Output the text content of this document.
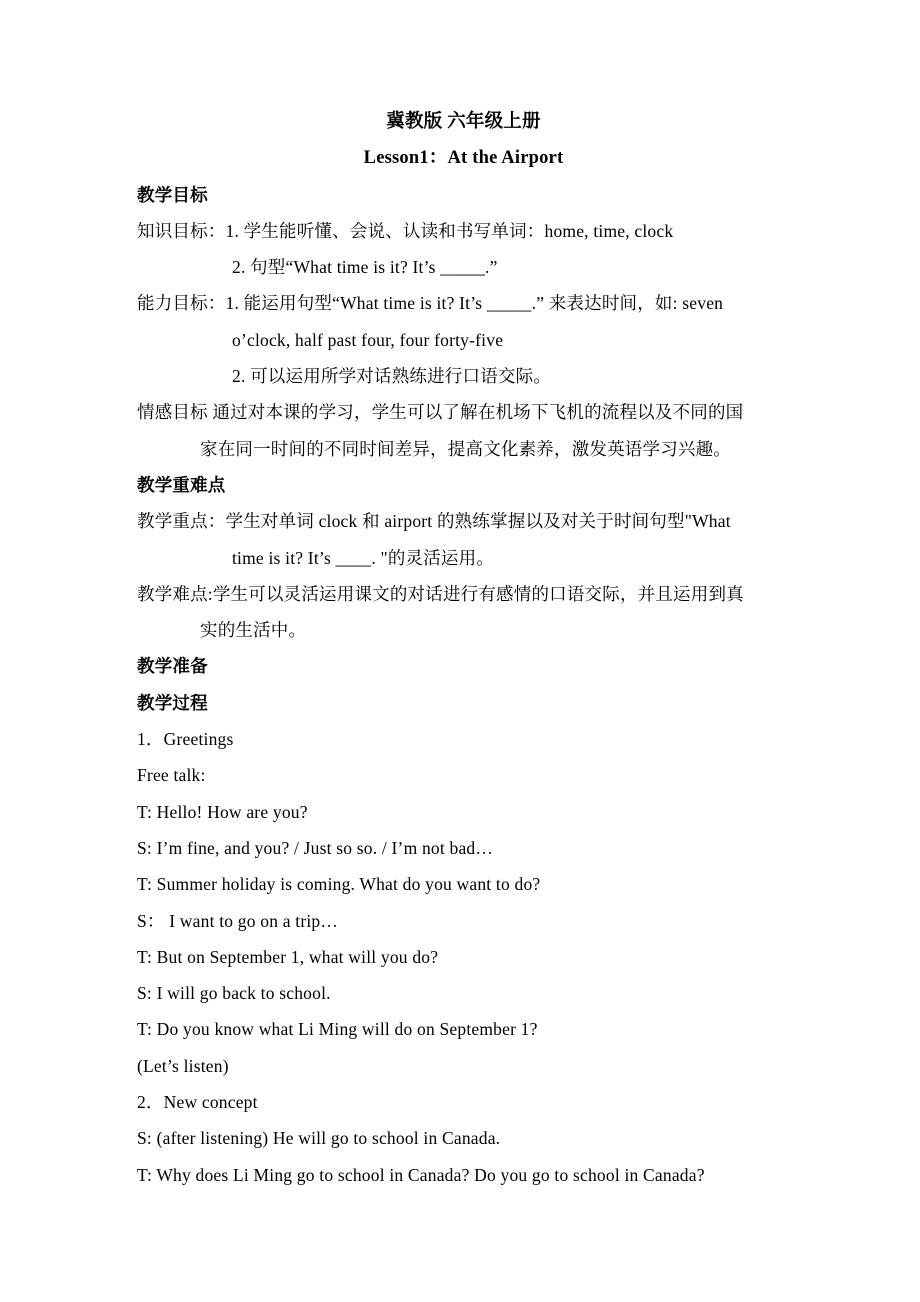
冀教版 六年级上册
Lesson1：At the Airport
教学目标
知识目标：1. 学生能听懂、会说、认读和书写单词：home, time, clock
2. 句型“What time is it? It’s _____.”
能力目标：1. 能运用句型“What time is it? It’s _____.” 来表达时间，如: seven
o’clock, half past four, four forty-five
2. 可以运用所学对话熟练进行口语交际。
情感目标 通过对本课的学习，学生可以了解在机场下飞机的流程以及不同的国
家在同一时间的不同时间差异，提高文化素养，激发英语学习兴趣。
教学重难点
教学重点：学生对单词 clock 和 airport 的熟练掌握以及对关于时间句型"What
time is it? It’s ____. "的灵活运用。
教学难点:学生可以灵活运用课文的对话进行有感情的口语交际，并且运用到真
实的生活中。
教学准备
教学过程
1．Greetings
Free talk:
T: Hello! How are you?
S: I’m fine, and you? / Just so so. / I’m not bad…
T: Summer holiday is coming. What do you want to do?
S： I want to go on a trip…
T: But on September 1, what will you do?
S: I will go back to school.
T: Do you know what Li Ming will do on September 1?
(Let’s listen)
2．New concept
S: (after listening) He will go to school in Canada.
T: Why does Li Ming go to school in Canada? Do you go to school in Canada?
